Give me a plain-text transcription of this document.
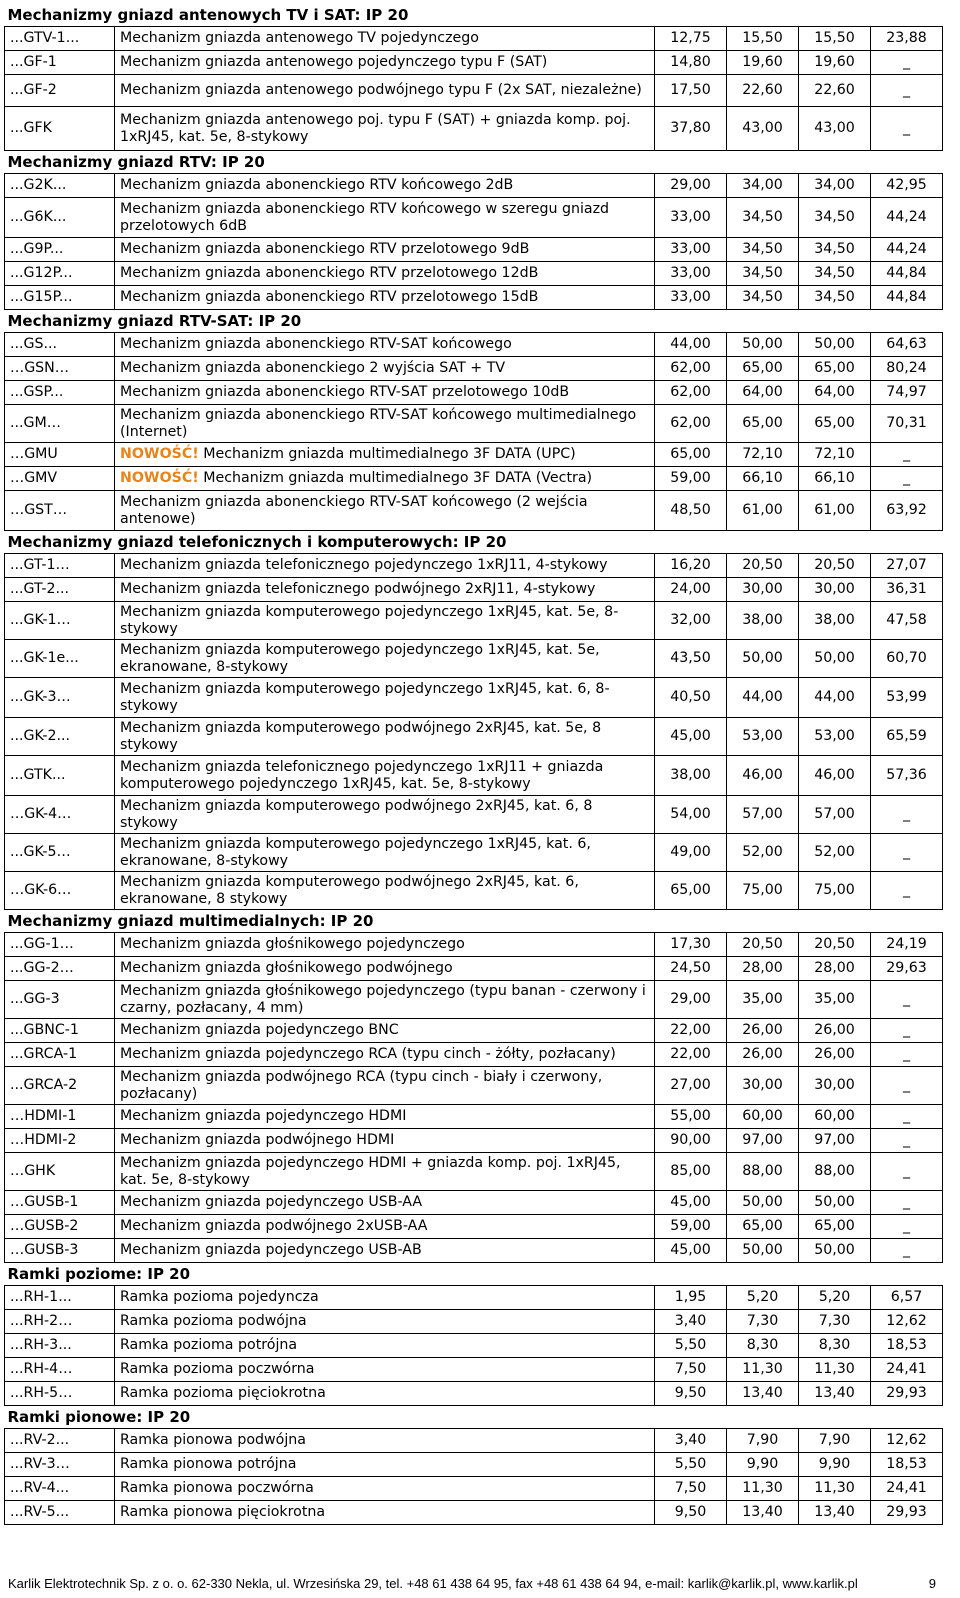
Mechanizmy gniazd antenowych TV i SAT: IP 20					
...GTV-1...	Mechanizm gniazda antenowego TV pojedynczego	12,75	15,50	15,50	23,88
...GF-1	Mechanizm gniazda antenowego pojedynczego typu F (SAT)	14,80	19,60	19,60	_
...GF-2	Mechanizm gniazda antenowego podwójnego typu F (2x SAT, niezależne)	17,50	22,60	22,60	_
...GFK	Mechanizm gniazda antenowego poj. typu F (SAT) + gniazda komp. poj. 1xRJ45, kat. 5e, 8-stykowy	37,80	43,00	43,00	_
Mechanizmy gniazd RTV: IP 20					
...G2K...	Mechanizm gniazda abonenckiego RTV końcowego 2dB	29,00	34,00	34,00	42,95
...G6K...	Mechanizm gniazda abonenckiego RTV końcowego w szeregu gniazd przelotowych 6dB	33,00	34,50	34,50	44,24
...G9P...	Mechanizm gniazda abonenckiego RTV przelotowego 9dB	33,00	34,50	34,50	44,24
...G12P...	Mechanizm gniazda abonenckiego RTV przelotowego 12dB	33,00	34,50	34,50	44,84
...G15P...	Mechanizm gniazda abonenckiego RTV przelotowego 15dB	33,00	34,50	34,50	44,84
Mechanizmy gniazd RTV-SAT: IP 20					
...GS...	Mechanizm gniazda abonenckiego RTV-SAT końcowego	44,00	50,00	50,00	64,63
…GSN…	Mechanizm gniazda abonenckiego 2 wyjścia SAT + TV	62,00	65,00	65,00	80,24
...GSP...	Mechanizm gniazda abonenckiego RTV-SAT przelotowego 10dB	62,00	64,00	64,00	74,97
...GM…	Mechanizm gniazda abonenckiego RTV-SAT końcowego multimedialnego (Internet)	62,00	65,00	65,00	70,31
…GMU	NOWOŚĆ! Mechanizm gniazda multimedialnego 3F DATA (UPC)	65,00	72,10	72,10	_
…GMV	NOWOŚĆ! Mechanizm gniazda multimedialnego 3F DATA (Vectra)	59,00	66,10	66,10	_
…GST…	Mechanizm gniazda abonenckiego RTV-SAT końcowego (2 wejścia antenowe)	48,50	61,00	61,00	63,92
Mechanizmy gniazd telefonicznych i komputerowych: IP 20					
...GT-1…	Mechanizm gniazda telefonicznego pojedynczego 1xRJ11, 4-stykowy	16,20	20,50	20,50	27,07
...GT-2...	Mechanizm gniazda telefonicznego podwójnego 2xRJ11, 4-stykowy	24,00	30,00	30,00	36,31
...GK-1…	Mechanizm gniazda komputerowego pojedynczego 1xRJ45, kat. 5e, 8-stykowy	32,00	38,00	38,00	47,58
...GK-1e...	Mechanizm gniazda komputerowego pojedynczego 1xRJ45, kat. 5e, ekranowane, 8-stykowy	43,50	50,00	50,00	60,70
...GK-3…	Mechanizm gniazda komputerowego pojedynczego 1xRJ45, kat. 6, 8-stykowy	40,50	44,00	44,00	53,99
...GK-2...	Mechanizm gniazda komputerowego podwójnego 2xRJ45, kat. 5e, 8 stykowy	45,00	53,00	53,00	65,59
...GTK...	Mechanizm gniazda telefonicznego pojedynczego 1xRJ11 + gniazda komputerowego pojedynczego 1xRJ45, kat. 5e, 8-stykowy	38,00	46,00	46,00	57,36
…GK-4…	Mechanizm gniazda komputerowego podwójnego 2xRJ45, kat. 6, 8 stykowy	54,00	57,00	57,00	_
...GK-5…	Mechanizm gniazda komputerowego pojedynczego 1xRJ45, kat. 6, ekranowane, 8-stykowy	49,00	52,00	52,00	_
…GK-6…	Mechanizm gniazda komputerowego podwójnego 2xRJ45, kat. 6, ekranowane, 8 stykowy	65,00	75,00	75,00	_
Mechanizmy gniazd multimedialnych: IP 20					
...GG-1…	Mechanizm gniazda głośnikowego pojedynczego	17,30	20,50	20,50	24,19
...GG-2…	Mechanizm gniazda głośnikowego podwójnego	24,50	28,00	28,00	29,63
...GG-3	Mechanizm gniazda głośnikowego pojedynczego (typu banan - czerwony i czarny, pozłacany, 4 mm)	29,00	35,00	35,00	_
...GBNC-1	Mechanizm gniazda pojedynczego BNC	22,00	26,00	26,00	_
...GRCA-1	Mechanizm gniazda pojedynczego RCA (typu cinch - żółty, pozłacany)	22,00	26,00	26,00	_
...GRCA-2	Mechanizm gniazda podwójnego RCA (typu cinch - biały i czerwony, pozłacany)	27,00	30,00	30,00	_
…HDMI-1	Mechanizm gniazda pojedynczego HDMI	55,00	60,00	60,00	_
…HDMI-2	Mechanizm gniazda podwójnego HDMI	90,00	97,00	97,00	_
…GHK	Mechanizm gniazda pojedynczego HDMI + gniazda komp. poj. 1xRJ45, kat. 5e, 8-stykowy	85,00	88,00	88,00	_
…GUSB-1	Mechanizm gniazda pojedynczego USB-AA	45,00	50,00	50,00	_
…GUSB-2	Mechanizm gniazda podwójnego 2xUSB-AA	59,00	65,00	65,00	_
…GUSB-3	Mechanizm gniazda pojedynczego USB-AB	45,00	50,00	50,00	_
Ramki poziome: IP 20					
...RH-1...	Ramka pozioma pojedyncza	1,95	5,20	5,20	6,57
...RH-2…	Ramka pozioma podwójna	3,40	7,30	7,30	12,62
...RH-3...	Ramka pozioma potrójna	5,50	8,30	8,30	18,53
...RH-4…	Ramka pozioma poczwórna	7,50	11,30	11,30	24,41
...RH-5…	Ramka pozioma pięciokrotna	9,50	13,40	13,40	29,93
Ramki pionowe: IP 20					
...RV-2...	Ramka pionowa podwójna	3,40	7,90	7,90	12,62
...RV-3…	Ramka pionowa potrójna	5,50	9,90	9,90	18,53
...RV-4...	Ramka pionowa poczwórna	7,50	11,30	11,30	24,41
...RV-5...	Ramka pionowa pięciokrotna	9,50	13,40	13,40	29,93
Karlik Elektrotechnik Sp. z o. o. 62-330 Nekla, ul. Wrzesińska 29, tel. +48 61 438 64 95, fax +48 61 438 64 94, e-mail: karlik@karlik.pl, www.karlik.pl	9
